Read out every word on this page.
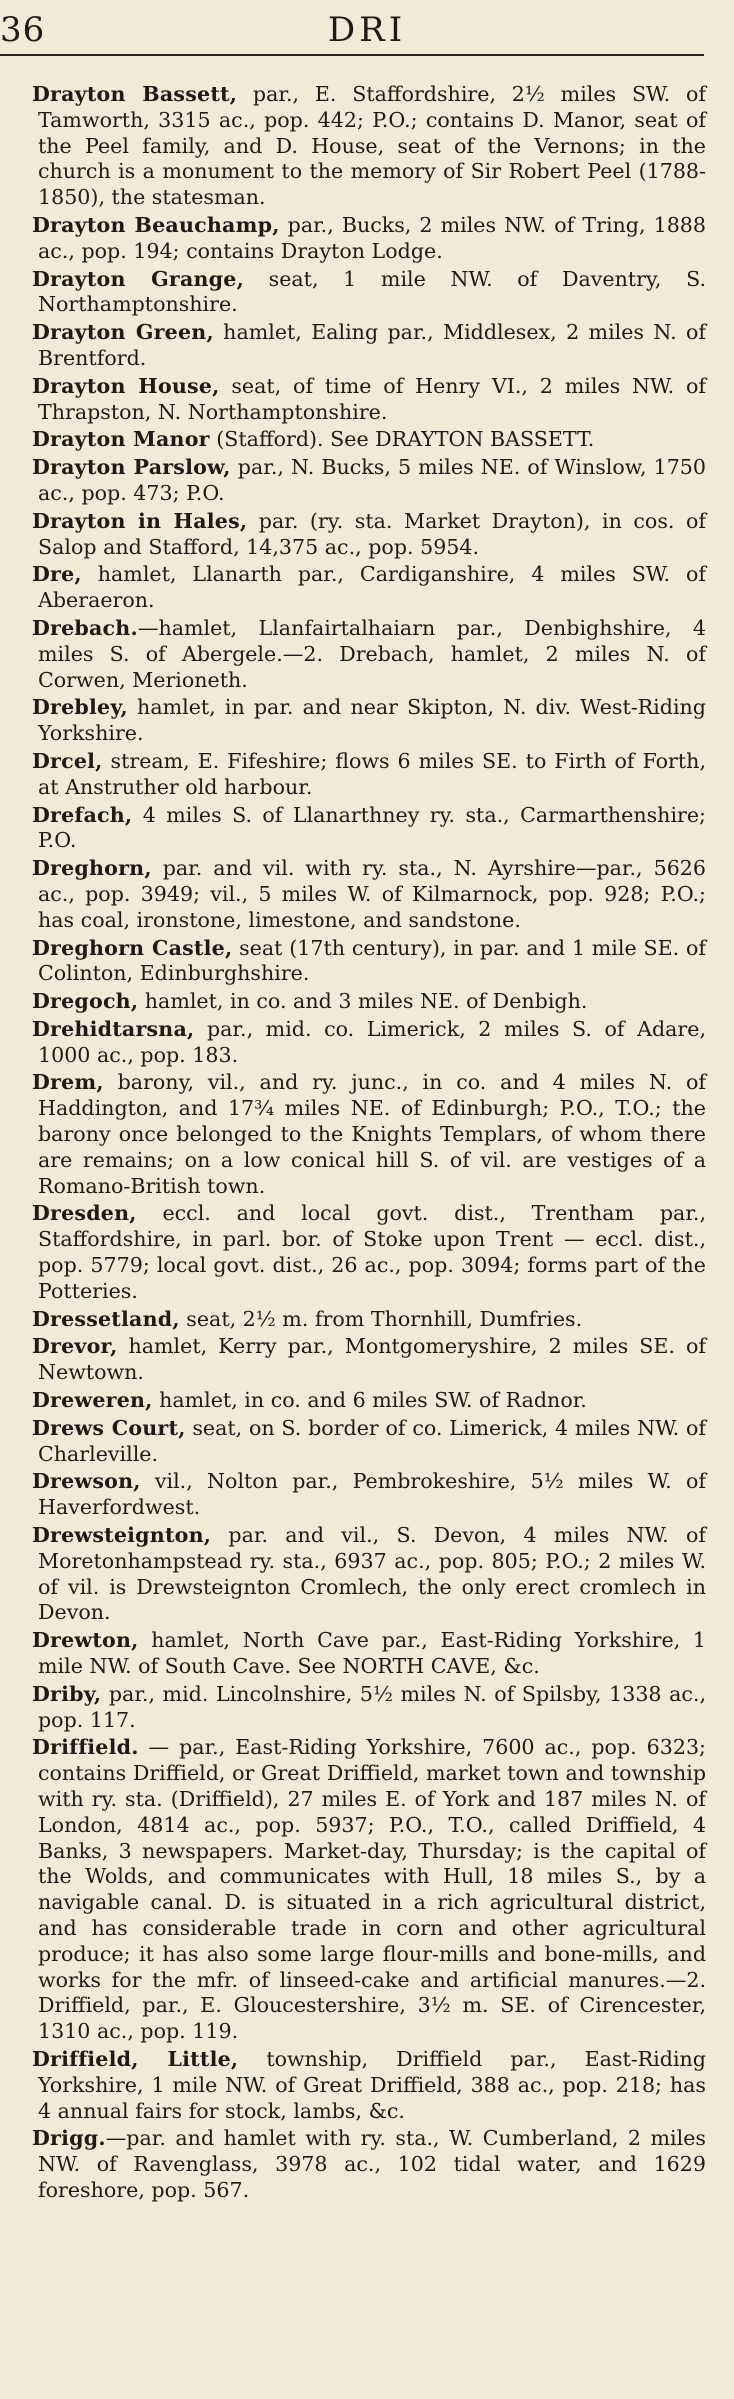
36	DRI

Drayton Bassett, par., E. Staffordshire, 2½ miles SW. of Tamworth, 3315 ac., pop. 442; P.O.; contains D. Manor, seat of the Peel family, and D. House, seat of the Vernons; in the church is a monument to the memory of Sir Robert Peel (1788-1850), the statesman.

Drayton Beauchamp, par., Bucks, 2 miles NW. of Tring, 1888 ac., pop. 194; contains Drayton Lodge.

Drayton Grange, seat, 1 mile NW. of Daventry, S. Northamptonshire.

Drayton Green, hamlet, Ealing par., Middlesex, 2 miles N. of Brentford.

Drayton House, seat, of time of Henry VI., 2 miles NW. of Thrapston, N. Northamptonshire.

Drayton Manor (Stafford). See DRAYTON BASSETT.

Drayton Parslow, par., N. Bucks, 5 miles NE. of Winslow, 1750 ac., pop. 473; P.O.

Drayton in Hales, par. (ry. sta. Market Drayton), in cos. of Salop and Stafford, 14,375 ac., pop. 5954.

Dre, hamlet, Llanarth par., Cardiganshire, 4 miles SW. of Aberaeron.

Drebach.—hamlet, Llanfairtalhaiarn par., Denbighshire, 4 miles S. of Abergele.—2. Drebach, hamlet, 2 miles N. of Corwen, Merioneth.

Drebley, hamlet, in par. and near Skipton, N. div. West-Riding Yorkshire.

Drcel, stream, E. Fifeshire; flows 6 miles SE. to Firth of Forth, at Anstruther old harbour.

Drefach, 4 miles S. of Llanarthney ry. sta., Carmarthenshire; P.O.

Dreghorn, par. and vil. with ry. sta., N. Ayrshire—par., 5626 ac., pop. 3949; vil., 5 miles W. of Kilmarnock, pop. 928; P.O.; has coal, ironstone, limestone, and sandstone.

Dreghorn Castle, seat (17th century), in par. and 1 mile SE. of Colinton, Edinburghshire.

Dregoch, hamlet, in co. and 3 miles NE. of Denbigh.

Drehidtarsna, par., mid. co. Limerick, 2 miles S. of Adare, 1000 ac., pop. 183.

Drem, barony, vil., and ry. junc., in co. and 4 miles N. of Haddington, and 17¾ miles NE. of Edinburgh; P.O., T.O.; the barony once belonged to the Knights Templars, of whom there are remains; on a low conical hill S. of vil. are vestiges of a Romano-British town.

Dresden, eccl. and local govt. dist., Trentham par., Staffordshire, in parl. bor. of Stoke upon Trent — eccl. dist., pop. 5779; local govt. dist., 26 ac., pop. 3094; forms part of the Potteries.

Dressetland, seat, 2½ m. from Thornhill, Dumfries.

Drevor, hamlet, Kerry par., Montgomeryshire, 2 miles SE. of Newtown.

Dreweren, hamlet, in co. and 6 miles SW. of Radnor.

Drews Court, seat, on S. border of co. Limerick, 4 miles NW. of Charleville.

Drewson, vil., Nolton par., Pembrokeshire, 5½ miles W. of Haverfordwest.

Drewsteignton, par. and vil., S. Devon, 4 miles NW. of Moretonhampstead ry. sta., 6937 ac., pop. 805; P.O.; 2 miles W. of vil. is Drewsteignton Cromlech, the only erect cromlech in Devon.

Drewton, hamlet, North Cave par., East-Riding Yorkshire, 1 mile NW. of South Cave. See NORTH CAVE, &c.

Driby, par., mid. Lincolnshire, 5½ miles N. of Spilsby, 1338 ac., pop. 117.

Driffield. — par., East-Riding Yorkshire, 7600 ac., pop. 6323; contains Driffield, or Great Driffield, market town and township with ry. sta. (Driffield), 27 miles E. of York and 187 miles N. of London, 4814 ac., pop. 5937; P.O., T.O., called Driffield, 4 Banks, 3 newspapers. Market-day, Thursday; is the capital of the Wolds, and communicates with Hull, 18 miles S., by a navigable canal. D. is situated in a rich agricultural district, and has considerable trade in corn and other agricultural produce; it has also some large flour-mills and bone-mills, and works for the mfr. of linseed-cake and artificial manures.—2. Driffield, par., E. Gloucestershire, 3½ m. SE. of Cirencester, 1310 ac., pop. 119.

Driffield, Little, township, Driffield par., East-Riding Yorkshire, 1 mile NW. of Great Driffield, 388 ac., pop. 218; has 4 annual fairs for stock, lambs, &c.

Drigg.—par. and hamlet with ry. sta., W. Cumberland, 2 miles NW. of Ravenglass, 3978 ac., 102 tidal water, and 1629 foreshore, pop. 567.
